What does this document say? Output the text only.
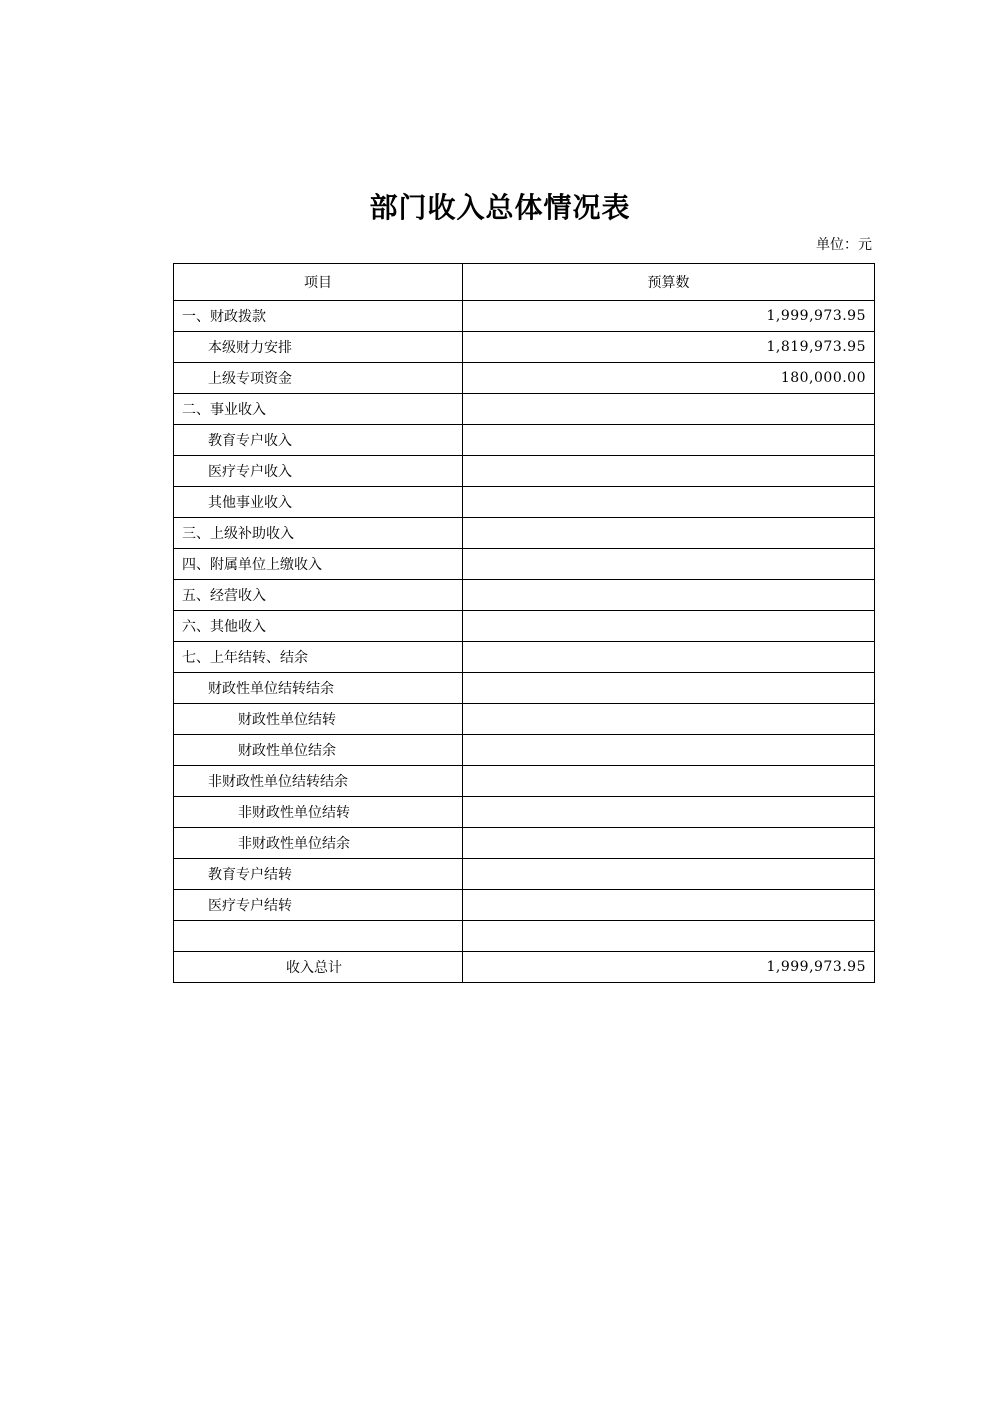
部门收入总体情况表
单位：元
项目	预算数
一、财政拨款	1,999,973.95
本级财力安排	1,819,973.95
上级专项资金	180,000.00
二、事业收入	
教育专户收入	
医疗专户收入	
其他事业收入	
三、上级补助收入	
四、附属单位上缴收入	
五、经营收入	
六、其他收入	
七、上年结转、结余	
财政性单位结转结余	
财政性单位结转	
财政性单位结余	
非财政性单位结转结余	
非财政性单位结转	
非财政性单位结余	
教育专户结转	
医疗专户结转	

收入总计	1,999,973.95
